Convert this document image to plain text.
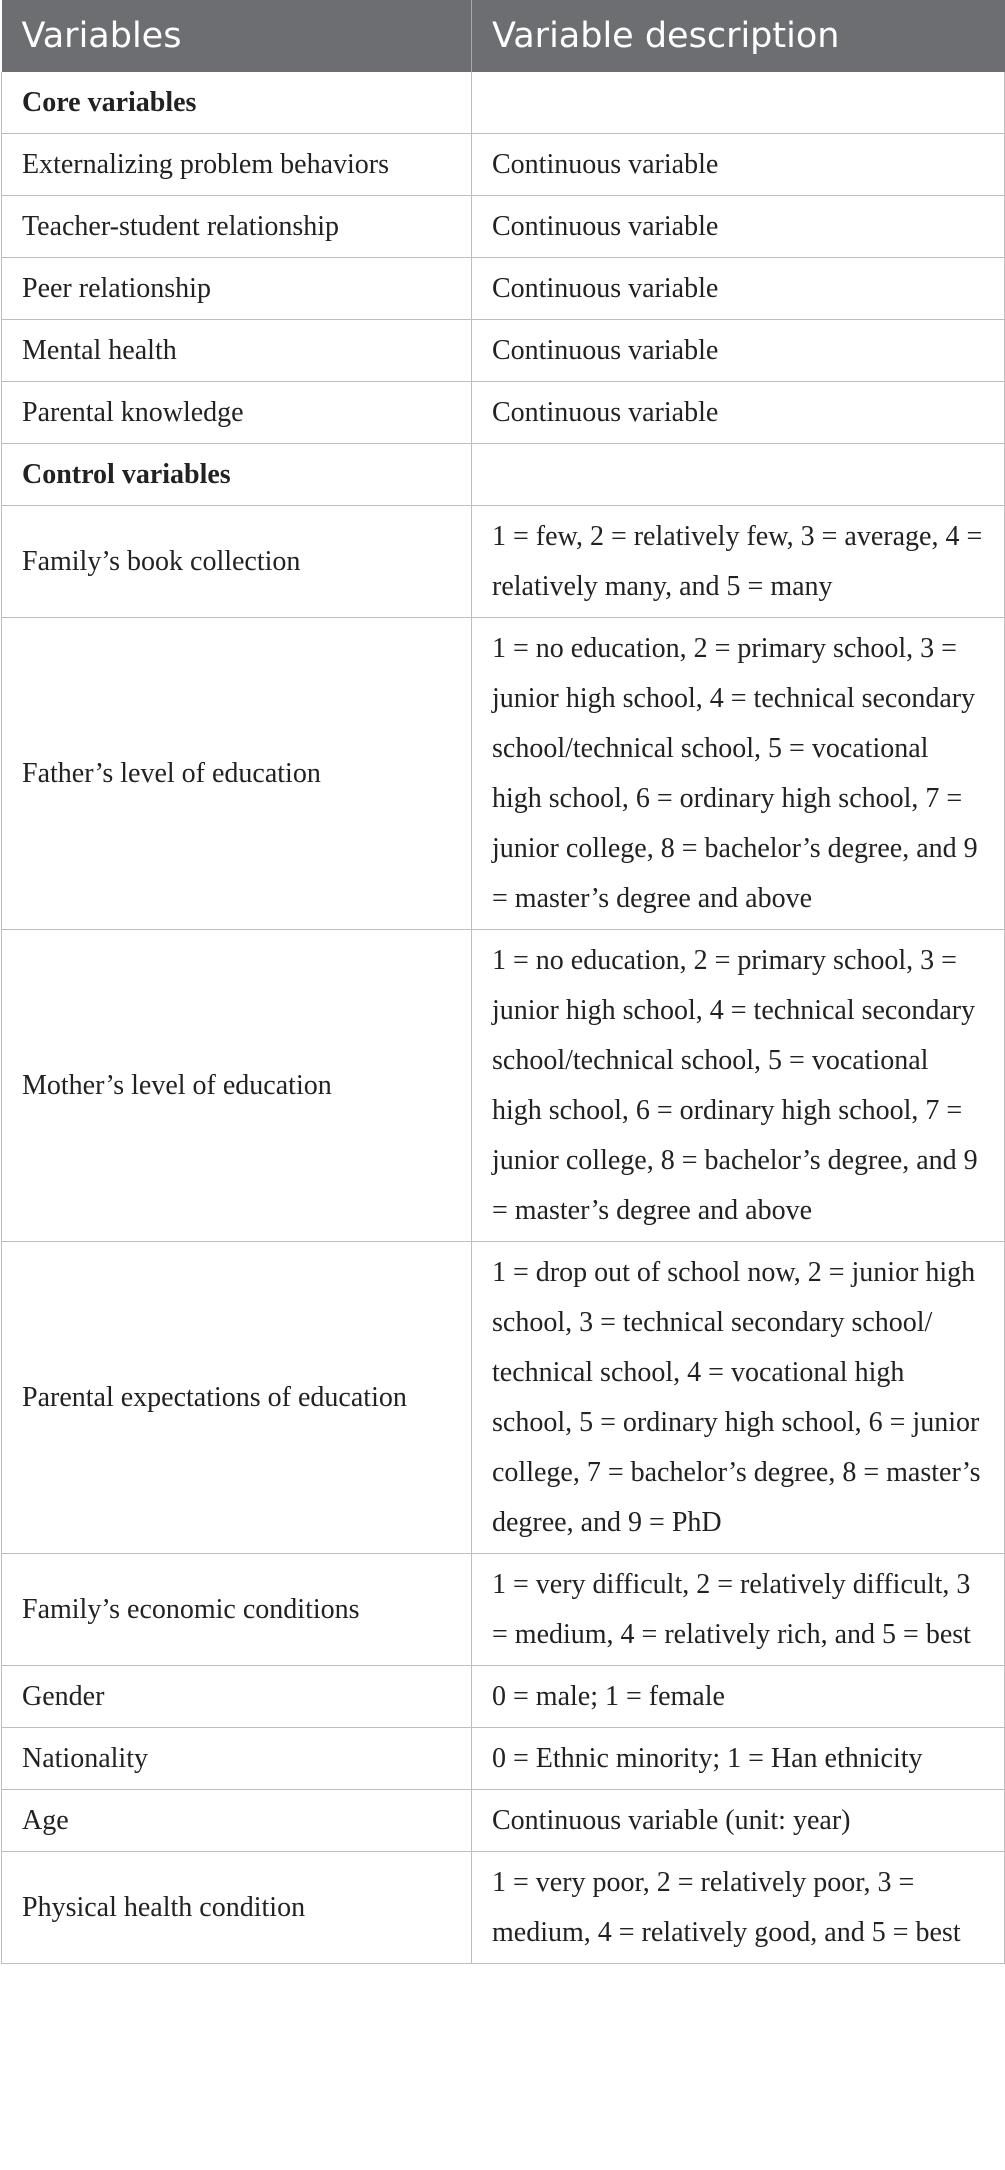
Variables	Variable description
Core variables	
Externalizing problem behaviors	Continuous variable
Teacher-student relationship	Continuous variable
Peer relationship	Continuous variable
Mental health	Continuous variable
Parental knowledge	Continuous variable
Control variables	
Family’s book collection	1 = few, 2 = relatively few, 3 = average, 4 = relatively many, and 5 = many
Father’s level of education	1 = no education, 2 = primary school, 3 = junior high school, 4 = technical secondary school/technical school, 5 = vocational high school, 6 = ordinary high school, 7 = junior college, 8 = bachelor’s degree, and 9 = master’s degree and above
Mother’s level of education	1 = no education, 2 = primary school, 3 = junior high school, 4 = technical secondary school/technical school, 5 = vocational high school, 6 = ordinary high school, 7 = junior college, 8 = bachelor’s degree, and 9 = master’s degree and above
Parental expectations of education	1 = drop out of school now, 2 = junior high school, 3 = technical secondary school/ technical school, 4 = vocational high school, 5 = ordinary high school, 6 = junior college, 7 = bachelor’s degree, 8 = master’s degree, and 9 = PhD
Family’s economic conditions	1 = very difficult, 2 = relatively difficult, 3 = medium, 4 = relatively rich, and 5 = best
Gender	0 = male; 1 = female
Nationality	0 = Ethnic minority; 1 = Han ethnicity
Age	Continuous variable (unit: year)
Physical health condition	1 = very poor, 2 = relatively poor, 3 = medium, 4 = relatively good, and 5 = best
